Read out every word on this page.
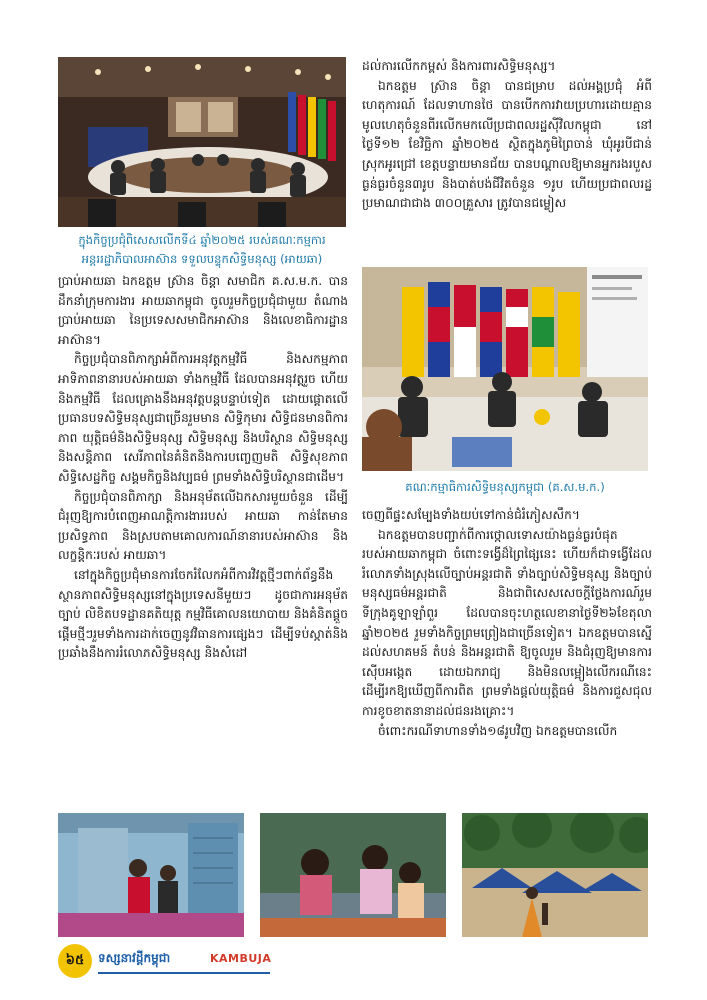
ក្នុងកិច្ចប្រជុំពិសេសលើកទី៤ ឆ្នាំ២០២៥ របស់គណៈកម្មការ
អន្តររដ្ឋាភិបាលអាស៊ាន ទទួលបន្ទុកសិទ្ធិមនុស្ស (អាយឆា)

ប្រាប់អាយឆា ឯកឧត្តម ស្រ៊ាន ចិន្តា សមាជិក គ.ស.ម.ក. បានដឹកនាំក្រុមការងារ អាយឆាកម្ពុជា ចូលរួមកិច្ចប្រជុំជាមួយ តំណាងប្រាប់អាយឆា នៃប្រទេសសមាជិកអាស៊ាន និងលេខាធិការដ្ឋានអាស៊ាន។

កិច្ចប្រជុំបានពិភាក្សាអំពីការអនុវត្តកម្មវិធី និងសកម្មភាពអាទិភាពនានារបស់អាយឆា ទាំងកម្មវិធី ដែលបានអនុវត្តរួច ហើយ និងកម្មវិធី ដែលគ្រោងនឹងអនុវត្តបន្តបន្ទាប់ទៀត ដោយផ្តោតលើប្រធានបទសិទ្ធិមនុស្សជាច្រើនរួមមាន សិទ្ធិកុមារ សិទ្ធិជនមានពិការភាព យុត្តិធម៌និងសិទ្ធិមនុស្ស សិទ្ធិមនុស្ស និងបរិស្ថាន សិទ្ធិមនុស្សនិងសន្តិភាព សេរីភាពនៃគំនិតនិងការបញ្ចេញមតិ សិទ្ធិសុខភាព សិទ្ធិសេដ្ឋកិច្ច សង្គមកិច្ចនិងវប្បធម៌ ព្រមទាំងសិទ្ធិបរិស្ថានជាដើម។

កិច្ចប្រជុំបានពិភាក្សា និងអនុម័តលើឯកសារមួយចំនួន ដើម្បីជំរុញឱ្យការបំពេញអាណត្តិការងាររបស់ អាយឆា កាន់តែមានប្រសិទ្ធភាព និងស្របតាមគោលការណ៍នានារបស់អាស៊ាន និងលក្ខន្តិកៈរបស់ អាយឆា។

នៅក្នុងកិច្ចប្រជុំមានការចែករំលែកអំពីការវិវត្តថ្មីៗពាក់ព័ន្ធនឹងស្ថានភាពសិទ្ធិមនុស្សនៅក្នុងប្រទេសនីមួយៗ ដូចជាការអនុម័តច្បាប់ លិខិតបទដ្ឋានគតិយុត្ត កម្មវិធីគោលនយោបាយ និងគំនិតផ្តួចផ្តើមថ្មីៗរួមទាំងការដាក់ចេញនូវវិធានការផ្សេងៗ ដើម្បីទប់ស្កាត់និងប្រឆាំងនឹងការរំលោភសិទ្ធិមនុស្ស និងសំដៅ

ដល់ការលើកកម្ពស់ និងការពារសិទ្ធិមនុស្ស។

ឯកឧត្តម ស្រ៊ាន ចិន្តា បានជម្រាប ដល់អង្គប្រជុំ អំពីហេតុការណ៍ ដែលទាហានថៃ បានបើកការវាយប្រហារដោយគ្មានមូលហេតុចំនួនពីរលើកមកលើប្រជាពលរដ្ឋស៊ីវិលកម្ពុជា នៅថ្ងៃទី១២ ខែវិច្ឆិកា ឆ្នាំ២០២៥ ស្ថិតក្នុងភូមិព្រៃចាន់ ឃុំអូរបីជាន់ ស្រុកអូរជ្រៅ ខេត្តបន្ទាយមានជ័យ បានបណ្តាលឱ្យមានអ្នករងរបួសធ្ងន់ធ្ងរចំនួន៣រូប និងបាត់បង់ជីវិតចំនួន ១រូប ហើយប្រជាពលរដ្ឋប្រមាណជាជាង ៣០០គ្រួសារ ត្រូវបានជម្លៀស

គណៈកម្មាធិការសិទ្ធិមនុស្សកម្ពុជា (គ.ស.ម.ក.)

ចេញពីផ្ទះសម្បែងទាំងយប់ទៅកាន់ជំរំភៀសសឹក។

ឯកឧត្តមបានបញ្ជាក់ពីការថ្កោលទោសយ៉ាងធ្ងន់ធ្ងរបំផុតរបស់អាយឆាកម្ពុជា ចំពោះទង្វើដ៏ព្រៃផ្សៃនេះ ហើយក៏ជាទង្វើដែលរំលោភទាំងស្រុងលើច្បាប់អន្តរជាតិ ទាំងច្បាប់សិទ្ធិមនុស្ស និងច្បាប់មនុស្សធម៌អន្តរជាតិ និងជាពិសេសសេចក្តីថ្លែងការណ៍រួមទីក្រុងគូឡាឡាំពួរ ដែលបានចុះហត្ថលេខានាថ្ងៃទី២៦ខែតុលា ឆ្នាំ២០២៥ រួមទាំងកិច្ចព្រមព្រៀងជាច្រើនទៀត។ ឯកឧត្តមបានស្នើដល់សហគមន៍ តំបន់ និងអន្តរជាតិ ឱ្យចូលរួម និងជំរុញឱ្យមានការស៊ើបអង្កេត ដោយឯករាជ្យ និងមិនលម្អៀងលើករណីនេះ ដើម្បីរកឱ្យឃើញពីការពិត ព្រមទាំងផ្តល់យុត្តិធម៌ និងការជួសជុល ការខូចខាតនានាដល់ជនរងគ្រោះ។

ចំពោះករណីទាហានទាំង១៨រូបវិញ ឯកឧត្តមបានលើក

៦៥	ទស្សនាវដ្តីកម្ពុជា	KAMBUJA
